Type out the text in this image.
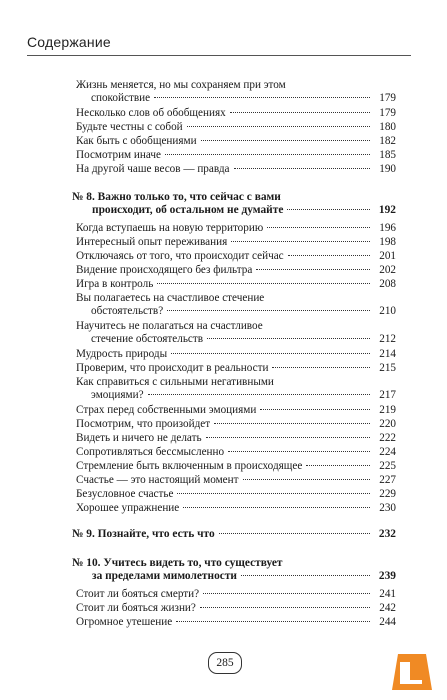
Содержание
Жизнь меняется, но мы сохраняем при этом
спокойствие	179
Несколько слов об обобщениях	179
Будьте честны с собой	180
Как быть с обобщениями	182
Посмотрим иначе	185
На другой чаше весов — правда	190
№ 8. Важно только то, что сейчас с вами
происходит, об остальном не думайте	192
Когда вступаешь на новую территорию	196
Интересный опыт переживания	198
Отключаясь от того, что происходит сейчас	201
Видение происходящего без фильтра	202
Игра в контроль	208
Вы полагаетесь на счастливое стечение
обстоятельств?	210
Научитесь не полагаться на счастливое
стечение обстоятельств	212
Мудрость природы	214
Проверим, что происходит в реальности	215
Как справиться с сильными негативными
эмоциями?	217
Страх перед собственными эмоциями	219
Посмотрим, что произойдет	220
Видеть и ничего не делать	222
Сопротивляться бессмысленно	224
Стремление быть включенным в происходящее	225
Счастье — это настоящий момент	227
Безусловное счастье	229
Хорошее упражнение	230
№ 9. Познайте, что есть что	232
№ 10. Учитесь видеть то, что существует
за пределами мимолетности	239
Стоит ли бояться смерти?	241
Стоит ли бояться жизни?	242
Огромное утешение	244
285
